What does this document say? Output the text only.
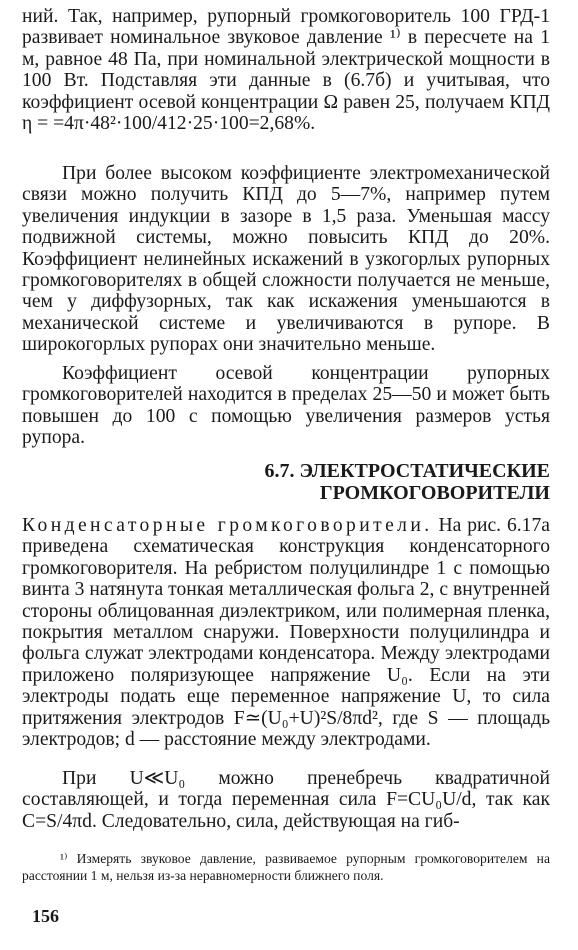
ний. Так, например, рупорный громкоговоритель 100 ГРД-1 развивает номинальное звуковое давление ¹⁾ в пересчете на 1 м, равное 48 Па, при номинальной электрической мощности в 100 Вт. Подставляя эти данные в (6.7б) и учитывая, что коэффициент осевой концентрации Ω равен 25, получаем КПД η = =4π·48²·100/412·25·100=2,68%.

При более высоком коэффициенте электромеханической связи можно получить КПД до 5—7%, например путем увеличения индукции в зазоре в 1,5 раза. Уменьшая массу подвижной системы, можно повысить КПД до 20%. Коэффициент нелинейных искажений в узкогорлых рупорных громкоговорителях в общей сложности получается не меньше, чем у диффузорных, так как искажения уменьшаются в механической системе и увеличиваются в рупоре. В широкогорлых рупорах они значительно меньше.

Коэффициент осевой концентрации рупорных громкоговорителей находится в пределах 25—50 и может быть повышен до 100 с помощью увеличения размеров устья рупора.

6.7. ЭЛЕКТРОСТАТИЧЕСКИЕ
ГРОМКОГОВОРИТЕЛИ

Конденсаторные громкоговорители. На рис. 6.17а приведена схематическая конструкция конденсаторного громкоговорителя. На ребристом полуцилиндре 1 с помощью винта 3 натянута тонкая металлическая фольга 2, с внутренней стороны облицованная диэлектриком, или полимерная пленка, покрытия металлом снаружи. Поверхности полуцилиндра и фольга служат электродами конденсатора. Между электродами приложено поляризующее напряжение U₀. Если на эти электроды подать еще переменное напряжение U, то сила притяжения электродов F≃(U₀+U)²S/8πd², где S — площадь электродов; d — расстояние между электродами.

При U≪U₀ можно пренебречь квадратичной составляющей, и тогда переменная сила F=CU₀U/d, так как C=S/4πd. Следовательно, сила, действующая на гиб-

¹⁾ Измерять звуковое давление, развиваемое рупорным громкоговорителем на расстоянии 1 м, нельзя из-за неравномерности ближнего поля.

156
